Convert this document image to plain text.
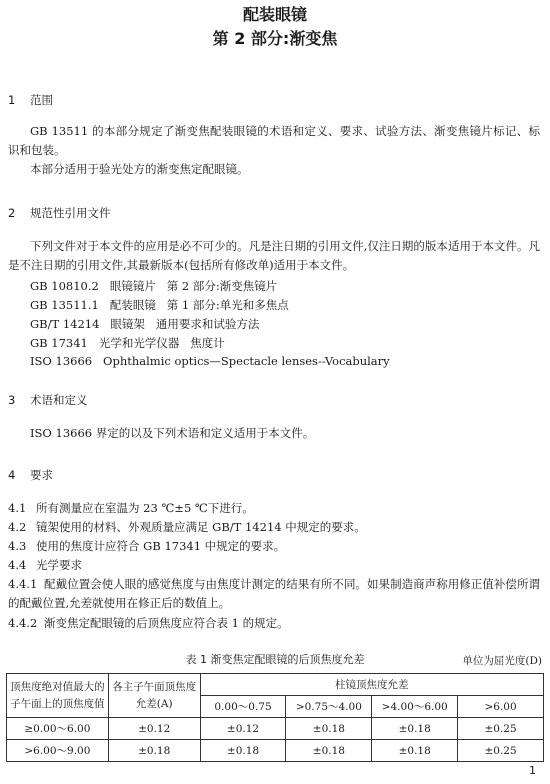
配装眼镜
第 2 部分:渐变焦
1 范围
GB 13511 的本部分规定了渐变焦配装眼镜的术语和定义、要求、试验方法、渐变焦镜片标记、标识和包装。
本部分适用于验光处方的渐变焦定配眼镜。
2 规范性引用文件
下列文件对于本文件的应用是必不可少的。凡是注日期的引用文件,仅注日期的版本适用于本文件。凡是不注日期的引用文件,其最新版本(包括所有修改单)适用于本文件。
GB 10810.2   眼镜镜片   第 2 部分:渐变焦镜片
GB 13511.1   配装眼镜   第 1 部分:单光和多焦点
GB/T 14214   眼镜架   通用要求和试验方法
GB 17341   光学和光学仪器   焦度计
ISO 13666   Ophthalmic optics—Spectacle lenses--Vocabulary
3 术语和定义
ISO 13666 界定的以及下列术语和定义适用于本文件。
4 要求
4.1 所有测量应在室温为 23 ℃±5 ℃下进行。
4.2 镜架使用的材料、外观质量应满足 GB/T 14214 中规定的要求。
4.3 使用的焦度计应符合 GB 17341 中规定的要求。
4.4 光学要求
4.4.1 配戴位置会使人眼的感觉焦度与由焦度计测定的结果有所不同。如果制造商声称用修正值补偿所谓的配戴位置,允差就使用在修正后的数值上。
4.4.2 渐变焦定配眼镜的后顶焦度应符合表 1 的规定。
表 1 渐变焦定配眼镜的后顶焦度允差	单位为屈光度(D)
顶焦度绝对值最大的子午面上的顶焦度值	各主子午面顶焦度允差(A)	柱镜顶焦度允差			
		0.00～0.75	>0.75～4.00	>4.00～6.00	>6.00
≥0.00～6.00	±0.12	±0.12	±0.18	±0.18	±0.25
>6.00～9.00	±0.18	±0.18	±0.18	±0.18	±0.25
1
